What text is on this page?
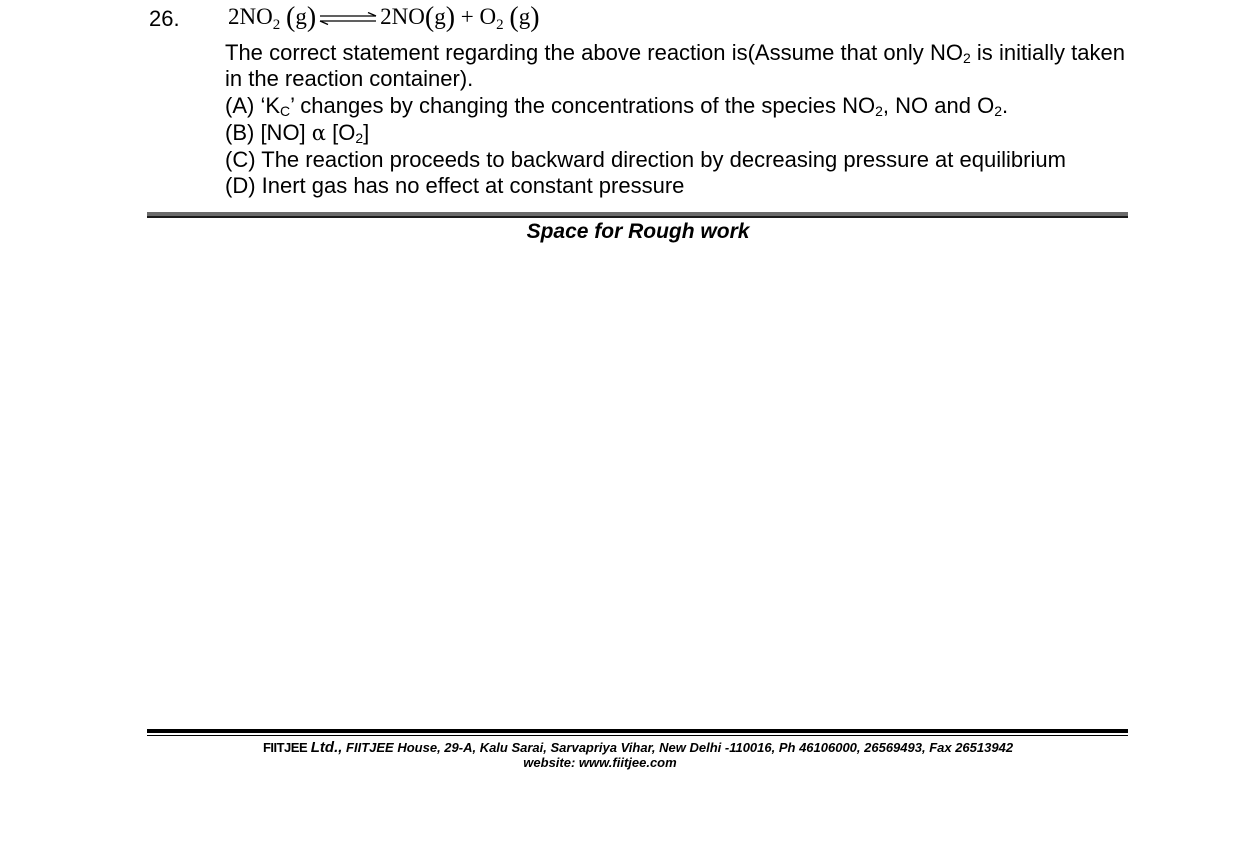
26. $2NO_2$ (g) ⇌ $2NO(g) + O_2$ (g)
The correct statement regarding the above reaction is(Assume that only $NO_2$ is initially taken in the reaction container).
(A) ‘$K_C$’ changes by changing the concentrations of the species $NO_2$, NO and $O_2$.
(B) [NO] α $[O_2]$
(C) The reaction proceeds to backward direction by decreasing pressure at equilibrium
(D) Inert gas has no effect at constant pressure
Space for Rough work
FIITJEE Ltd., FIITJEE House, 29-A, Kalu Sarai, Sarvapriya Vihar, New Delhi -110016, Ph 46106000, 26569493, Fax 26513942
website: www.fiitjee.com
